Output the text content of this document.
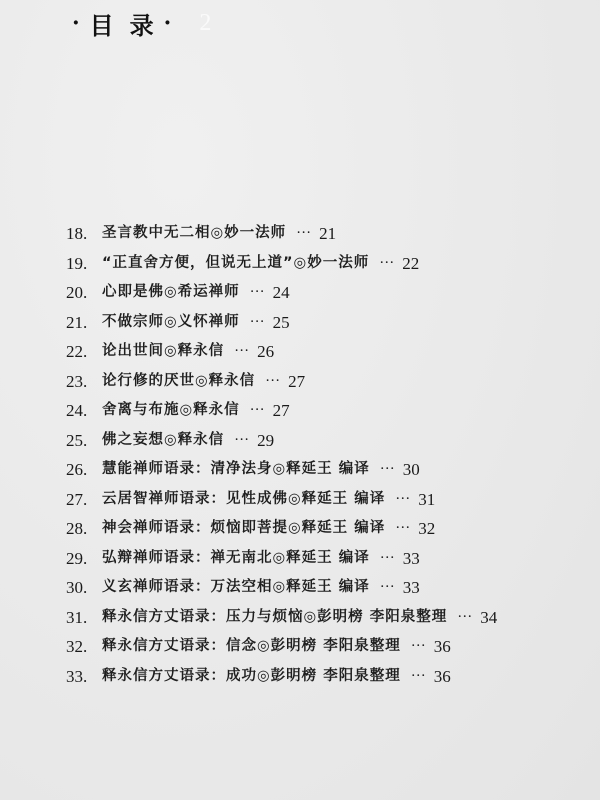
· 目 录 · 2
18.	圣言教中无二相◎妙一法师 ··· 21
19.	“正直舍方便，但说无上道”◎妙一法师 ··· 22
20.	心即是佛◎希运禅师 ··· 24
21.	不做宗师◎义怀禅师 ··· 25
22.	论出世间◎释永信 ··· 26
23.	论行修的厌世◎释永信 ··· 27
24.	舍离与布施◎释永信 ··· 27
25.	佛之妄想◎释永信 ··· 29
26.	慧能禅师语录：清净法身◎释延王 编译 ··· 30
27.	云居智禅师语录：见性成佛◎释延王 编译 ··· 31
28.	神会禅师语录：烦恼即菩提◎释延王 编译 ··· 32
29.	弘辩禅师语录：禅无南北◎释延王 编译 ··· 33
30.	义玄禅师语录：万法空相◎释延王 编译 ··· 33
31.	释永信方丈语录：压力与烦恼◎彭明榜 李阳泉整理 ··· 34
32.	释永信方丈语录：信念◎彭明榜 李阳泉整理 ··· 36
33.	释永信方丈语录：成功◎彭明榜 李阳泉整理 ··· 36
